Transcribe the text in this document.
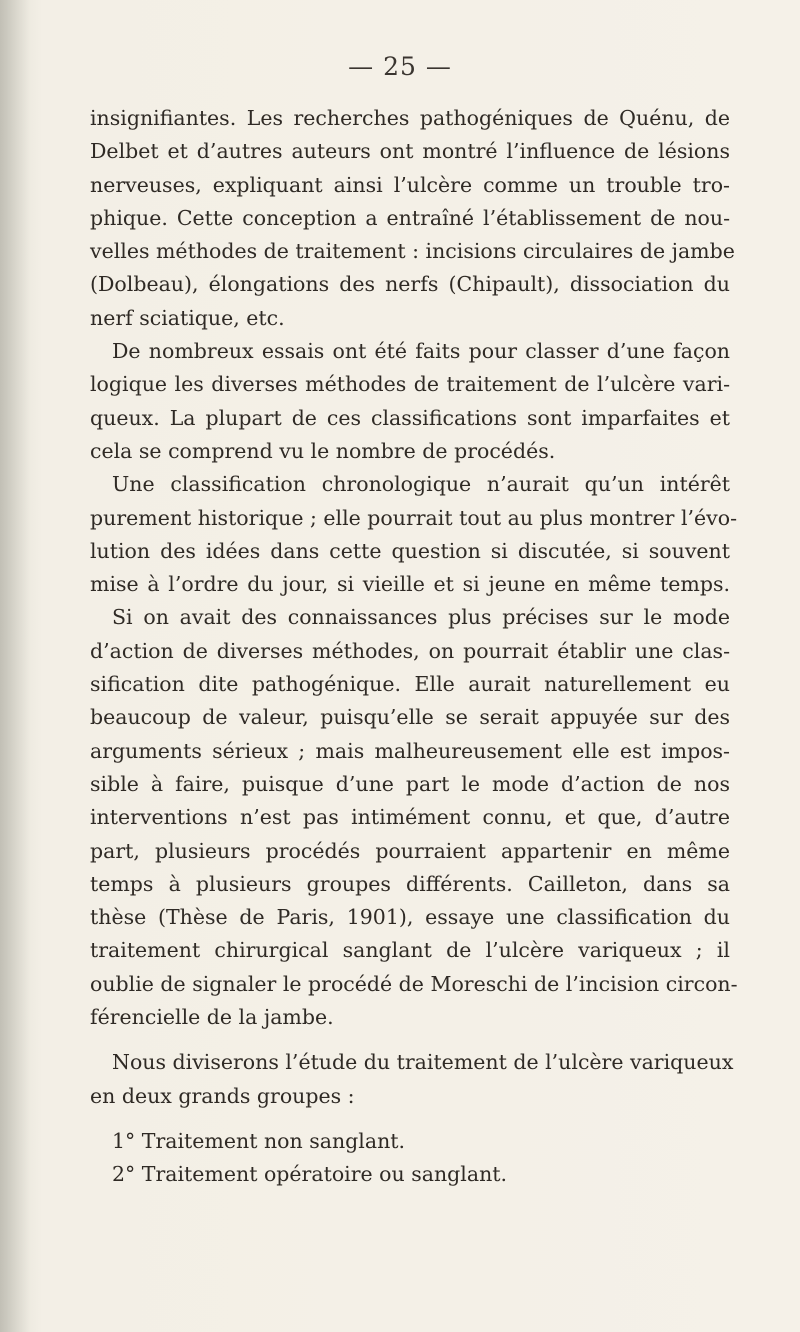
— 25 —
insignifiantes. Les recherches pathogéniques de Quénu, de
Delbet et d’autres auteurs ont montré l’influence de lésions
nerveuses, expliquant ainsi l’ulcère comme un trouble tro-
phique. Cette conception a entraîné l’établissement de nou-
velles méthodes de traitement : incisions circulaires de jambe
(Dolbeau), élongations des nerfs (Chipault), dissociation du
nerf sciatique, etc.
De nombreux essais ont été faits pour classer d’une façon
logique les diverses méthodes de traitement de l’ulcère vari-
queux. La plupart de ces classifications sont imparfaites et
cela se comprend vu le nombre de procédés.
Une classification chronologique n’aurait qu’un intérêt
purement historique ; elle pourrait tout au plus montrer l’évo-
lution des idées dans cette question si discutée, si souvent
mise à l’ordre du jour, si vieille et si jeune en même temps.
Si on avait des connaissances plus précises sur le mode
d’action de diverses méthodes, on pourrait établir une clas-
sification dite pathogénique. Elle aurait naturellement eu
beaucoup de valeur, puisqu’elle se serait appuyée sur des
arguments sérieux ; mais malheureusement elle est impos-
sible à faire, puisque d’une part le mode d’action de nos
interventions n’est pas intimément connu, et que, d’autre
part, plusieurs procédés pourraient appartenir en même
temps à plusieurs groupes différents. Cailleton, dans sa
thèse (Thèse de Paris, 1901), essaye une classification du
traitement chirurgical sanglant de l’ulcère variqueux ; il
oublie de signaler le procédé de Moreschi de l’incision circon-
férencielle de la jambe.
Nous diviserons l’étude du traitement de l’ulcère variqueux
en deux grands groupes :
1° Traitement non sanglant.
2° Traitement opératoire ou sanglant.
